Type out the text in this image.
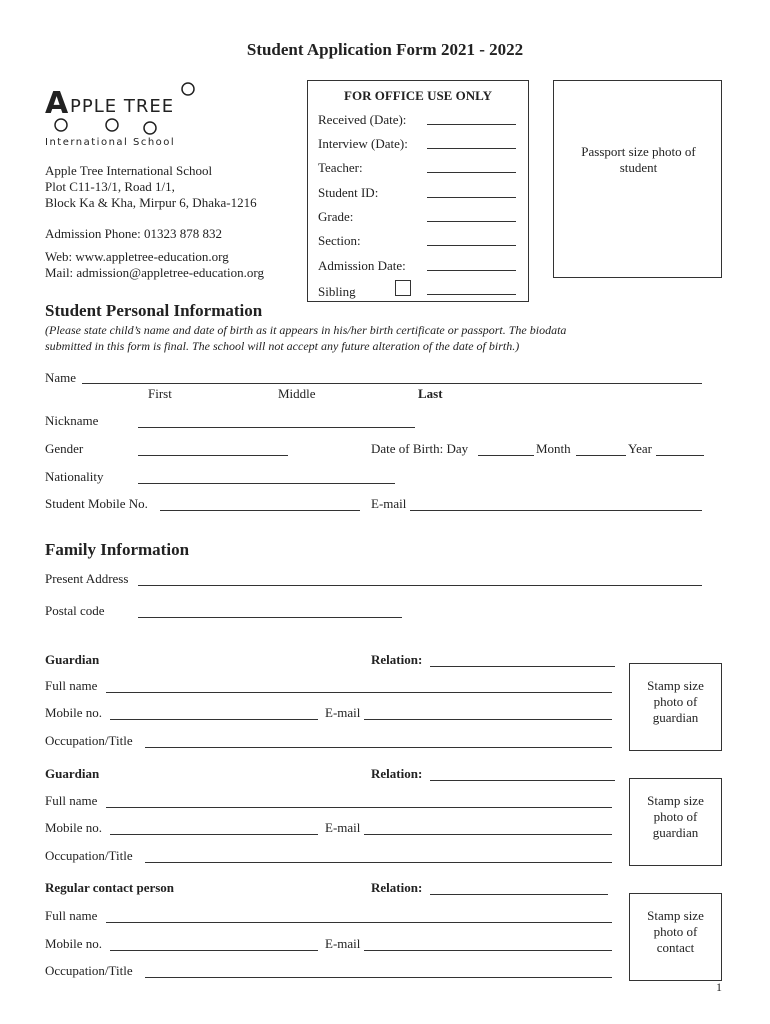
Student Application Form 2021 - 2022
A PPLE TREE
International School
Apple Tree International School
Plot C11-13/1, Road 1/1,
Block Ka & Kha, Mirpur 6, Dhaka-1216
Admission Phone: 01323 878 832
Web: www.appletree-education.org
Mail: admission@appletree-education.org
FOR OFFICE USE ONLY
Received (Date):
Interview (Date):
Teacher:
Student ID:
Grade:
Section:
Admission Date:
Sibling
Passport size photo of student
Student Personal Information
(Please state child’s name and date of birth as it appears in his/her birth certificate or passport. The biodata
submitted in this form is final. The school will not accept any future alteration of the date of birth.)
Name
First	Middle	Last
Nickname
Gender	Date of Birth: Day	Month	Year
Nationality
Student Mobile No.	E-mail
Family Information
Present Address
Postal code
Guardian	Relation:
Full name
Mobile no.	E-mail
Occupation/Title
Stamp size photo of guardian
Guardian	Relation:
Full name
Mobile no.	E-mail
Occupation/Title
Stamp size photo of guardian
Regular contact person	Relation:
Full name
Mobile no.	E-mail
Occupation/Title
Stamp size photo of contact
1
